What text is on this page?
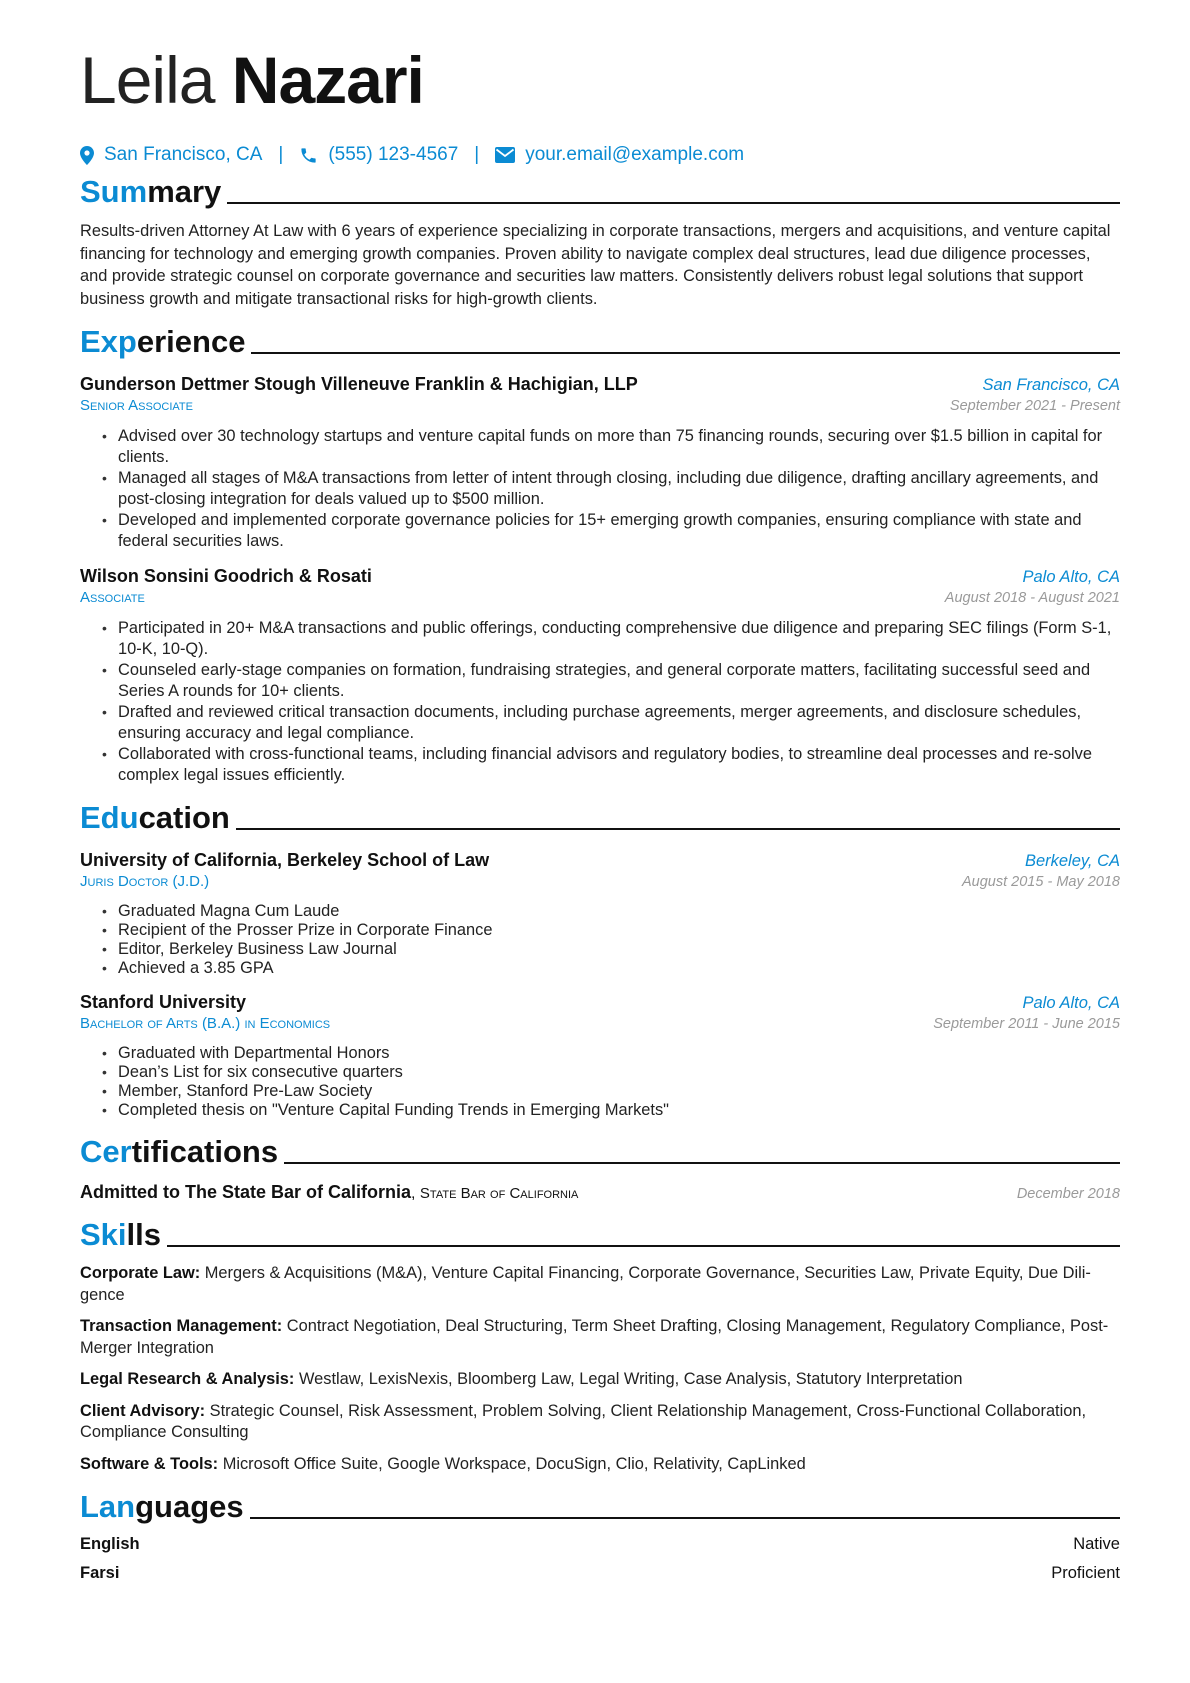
Leila Nazari
San Francisco, CA | (555) 123-4567 | your.email@example.com
Summary

Results-driven Attorney At Law with 6 years of experience specializing in corporate transactions, mergers and acquisitions, and venture capital financing for technology and emerging growth companies. Proven ability to navigate complex deal structures, lead due diligence processes, and provide strategic counsel on corporate governance and securities law matters. Consistently delivers robust legal solutions that support business growth and mitigate transactional risks for high-growth clients.

Experience
Gunderson Dettmer Stough Villeneuve Franklin & Hachigian, LLP	San Francisco, CA
Senior Associate	September 2021 - Present
• Advised over 30 technology startups and venture capital funds on more than 75 financing rounds, securing over $1.5 billion in capital for clients.
• Managed all stages of M&A transactions from letter of intent through closing, including due diligence, drafting ancillary agreements, and post-closing integration for deals valued up to $500 million.
• Developed and implemented corporate governance policies for 15+ emerging growth companies, ensuring compliance with state and federal securities laws.
Wilson Sonsini Goodrich & Rosati	Palo Alto, CA
Associate	August 2018 - August 2021
• Participated in 20+ M&A transactions and public offerings, conducting comprehensive due diligence and preparing SEC filings (Form S-1, 10-K, 10-Q).
• Counseled early-stage companies on formation, fundraising strategies, and general corporate matters, facilitating successful seed and Series A rounds for 10+ clients.
• Drafted and reviewed critical transaction documents, including purchase agreements, merger agreements, and disclosure schedules, ensuring accuracy and legal compliance.
• Collaborated with cross-functional teams, including financial advisors and regulatory bodies, to streamline deal processes and re-solve complex legal issues efficiently.
Education
University of California, Berkeley School of Law	Berkeley, CA
Juris Doctor (J.D.)	August 2015 - May 2018
• Graduated Magna Cum Laude
• Recipient of the Prosser Prize in Corporate Finance
• Editor, Berkeley Business Law Journal
• Achieved a 3.85 GPA
Stanford University	Palo Alto, CA
Bachelor of Arts (B.A.) in Economics	September 2011 - June 2015
• Graduated with Departmental Honors
• Dean’s List for six consecutive quarters
• Member, Stanford Pre-Law Society
• Completed thesis on "Venture Capital Funding Trends in Emerging Markets"
Certifications
Admitted to The State Bar of California, State Bar of California	December 2018
Skills
Corporate Law: Mergers & Acquisitions (M&A), Venture Capital Financing, Corporate Governance, Securities Law, Private Equity, Due Dili-gence
Transaction Management: Contract Negotiation, Deal Structuring, Term Sheet Drafting, Closing Management, Regulatory Compliance, Post-Merger Integration
Legal Research & Analysis: Westlaw, LexisNexis, Bloomberg Law, Legal Writing, Case Analysis, Statutory Interpretation
Client Advisory: Strategic Counsel, Risk Assessment, Problem Solving, Client Relationship Management, Cross-Functional Collaboration, Compliance Consulting
Software & Tools: Microsoft Office Suite, Google Workspace, DocuSign, Clio, Relativity, CapLinked
Languages
English	Native
Farsi	Proficient
